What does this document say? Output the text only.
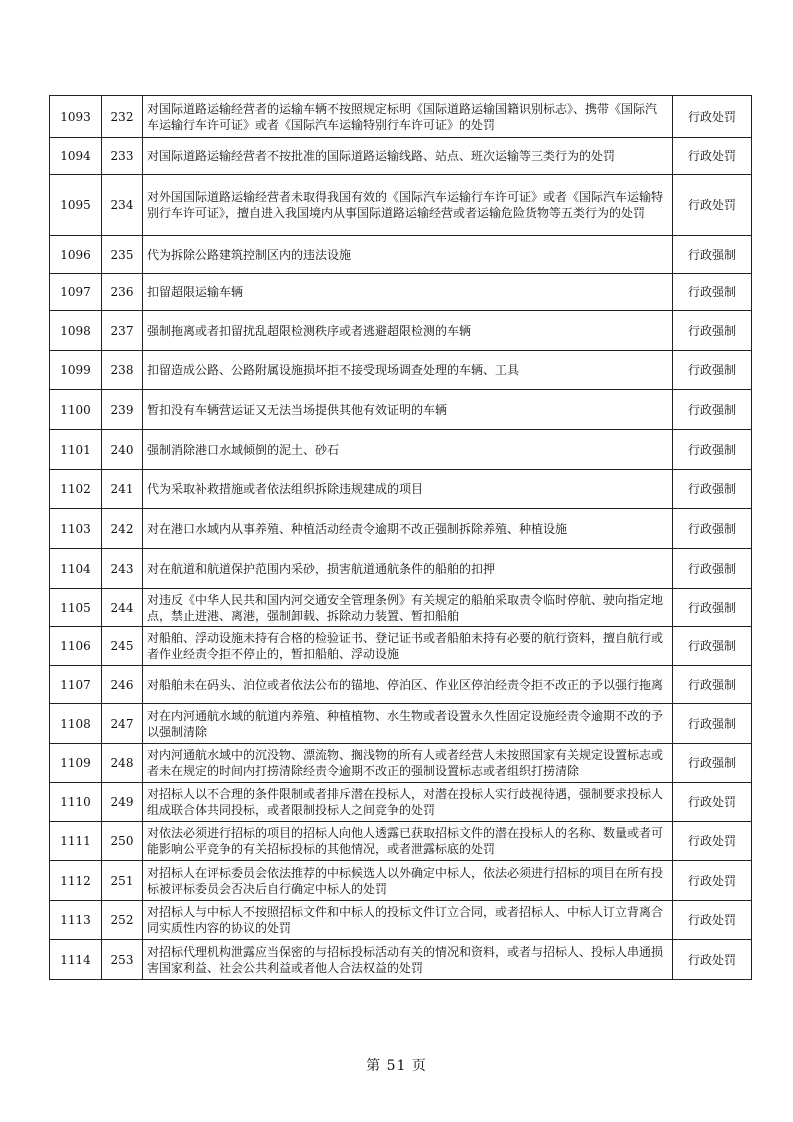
1093	232	对国际道路运输经营者的运输车辆不按照规定标明《国际道路运输国籍识别标志》、携带《国际汽车运输行车许可证》或者《国际汽车运输特别行车许可证》的处罚	行政处罚
1094	233	对国际道路运输经营者不按批准的国际道路运输线路、站点、班次运输等三类行为的处罚	行政处罚
1095	234	对外国国际道路运输经营者未取得我国有效的《国际汽车运输行车许可证》或者《国际汽车运输特别行车许可证》，擅自进入我国境内从事国际道路运输经营或者运输危险货物等五类行为的处罚	行政处罚
1096	235	代为拆除公路建筑控制区内的违法设施	行政强制
1097	236	扣留超限运输车辆	行政强制
1098	237	强制拖离或者扣留扰乱超限检测秩序或者逃避超限检测的车辆	行政强制
1099	238	扣留造成公路、公路附属设施损坏拒不接受现场调查处理的车辆、工具	行政强制
1100	239	暂扣没有车辆营运证又无法当场提供其他有效证明的车辆	行政强制
1101	240	强制消除港口水域倾倒的泥土、砂石	行政强制
1102	241	代为采取补救措施或者依法组织拆除违规建成的项目	行政强制
1103	242	对在港口水域内从事养殖、种植活动经责令逾期不改正强制拆除养殖、种植设施	行政强制
1104	243	对在航道和航道保护范围内采砂，损害航道通航条件的船舶的扣押	行政强制
1105	244	对违反《中华人民共和国内河交通安全管理条例》有关规定的船舶采取责令临时停航、驶向指定地点，禁止进港、离港，强制卸载、拆除动力装置、暂扣船舶	行政强制
1106	245	对船舶、浮动设施未持有合格的检验证书、登记证书或者船舶未持有必要的航行资料，擅自航行或者作业经责令拒不停止的，暂扣船舶、浮动设施	行政强制
1107	246	对船舶未在码头、泊位或者依法公布的锚地、停泊区、作业区停泊经责令拒不改正的予以强行拖离	行政强制
1108	247	对在内河通航水域的航道内养殖、种植植物、水生物或者设置永久性固定设施经责令逾期不改的予以强制清除	行政强制
1109	248	对内河通航水域中的沉没物、漂流物、搁浅物的所有人或者经营人未按照国家有关规定设置标志或者未在规定的时间内打捞清除经责令逾期不改正的强制设置标志或者组织打捞清除	行政强制
1110	249	对招标人以不合理的条件限制或者排斥潜在投标人，对潜在投标人实行歧视待遇，强制要求投标人组成联合体共同投标，或者限制投标人之间竞争的处罚	行政处罚
1111	250	对依法必须进行招标的项目的招标人向他人透露已获取招标文件的潜在投标人的名称、数量或者可能影响公平竞争的有关招标投标的其他情况，或者泄露标底的处罚	行政处罚
1112	251	对招标人在评标委员会依法推荐的中标候选人以外确定中标人，依法必须进行招标的项目在所有投标被评标委员会否决后自行确定中标人的处罚	行政处罚
1113	252	对招标人与中标人不按照招标文件和中标人的投标文件订立合同，或者招标人、中标人订立背离合同实质性内容的协议的处罚	行政处罚
1114	253	对招标代理机构泄露应当保密的与招标投标活动有关的情况和资料，或者与招标人、投标人串通损害国家利益、社会公共利益或者他人合法权益的处罚	行政处罚
第 51 页
